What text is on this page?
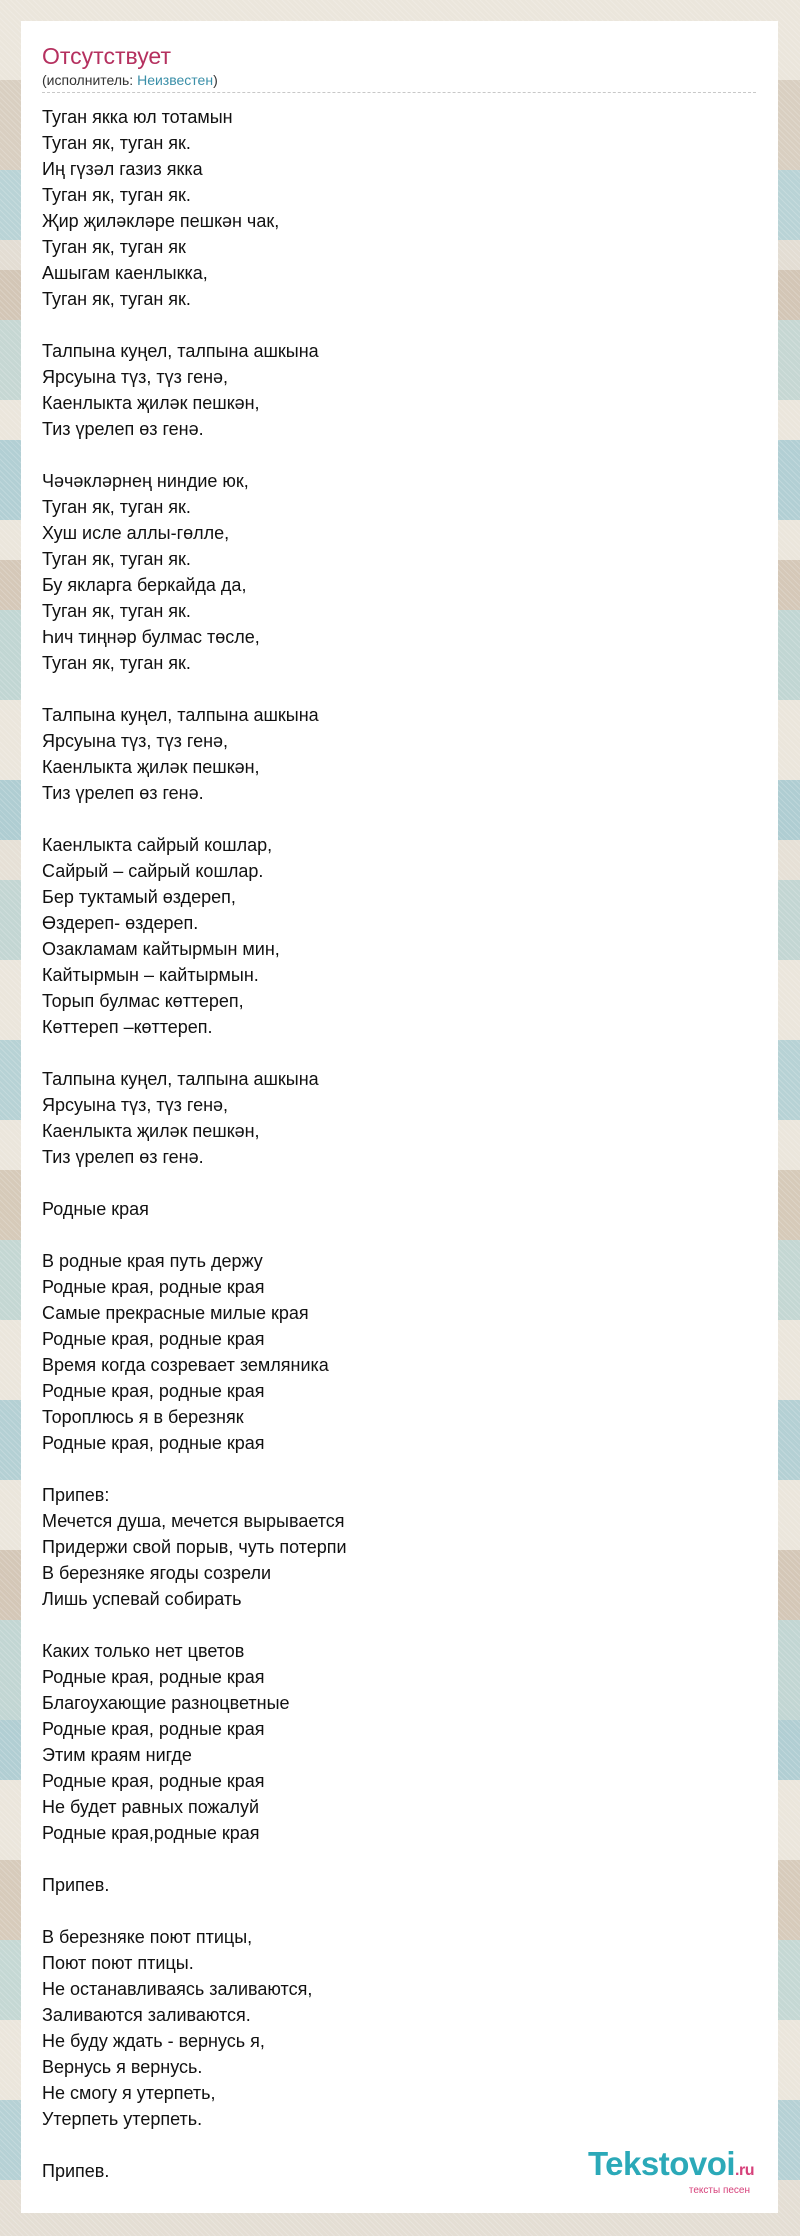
Отсутствует
(исполнитель: Неизвестен)
Туган якка юл тотамын
Туган як, туган як.
Иң гүзәл газиз якка
Туган як, туган як.
Җир җиләкләре пешкән чак,
Туган як, туган як
Ашыгам каенлыкка,
Туган як, туган як.
Талпына куңел, талпына ашкына
Ярсуына түз, түз генә,
Каенлыкта җиләк пешкән,
Тиз үрелеп өз генә.
Чәчәкләрнең ниндие юк,
Туган як, туган як.
Хуш исле аллы-гөлле,
Туган як, туган як.
Бу якларга беркайда да,
Туган як, туган як.
Һич тиңнәр булмас төсле,
Туган як, туган як.
Талпына куңел, талпына ашкына
Ярсуына түз, түз генә,
Каенлыкта җиләк пешкән,
Тиз үрелеп өз генә.
Каенлыкта сайрый кошлар,
Сайрый – сайрый кошлар.
Бер туктамый өздереп,
Өздереп- өздереп.
Озакламам кайтырмын мин,
Кайтырмын – кайтырмын.
Торып булмас көттереп,
Көттереп –көттереп.
Талпына куңел, талпына ашкына
Ярсуына түз, түз генә,
Каенлыкта җиләк пешкән,
Тиз үрелеп өз генә.
Родные края
В родные края путь держу
Родные края, родные края
Самые прекрасные милые края
Родные края, родные края
Время когда созревает земляника
Родные края, родные края
Тороплюсь я в березняк
Родные края, родные края
Припев:
Мечется душа, мечется вырывается
Придержи свой порыв, чуть потерпи
В березняке ягоды созрели
Лишь успевай собирать
Каких только нет цветов
Родные края, родные края
Благоухающие разноцветные
Родные края, родные края
Этим краям нигде
Родные края, родные края
Не будет равных пожалуй
Родные края,родные края
Припев.
В березняке поют птицы,
Поют поют птицы.
Не останавливаясь заливаются,
Заливаются заливаются.
Не буду ждать - вернусь я,
Вернусь я вернусь.
Не смогу я утерпеть,
Утерпеть утерпеть.
Припев.	Tekstovoi.ru
тексты песен
